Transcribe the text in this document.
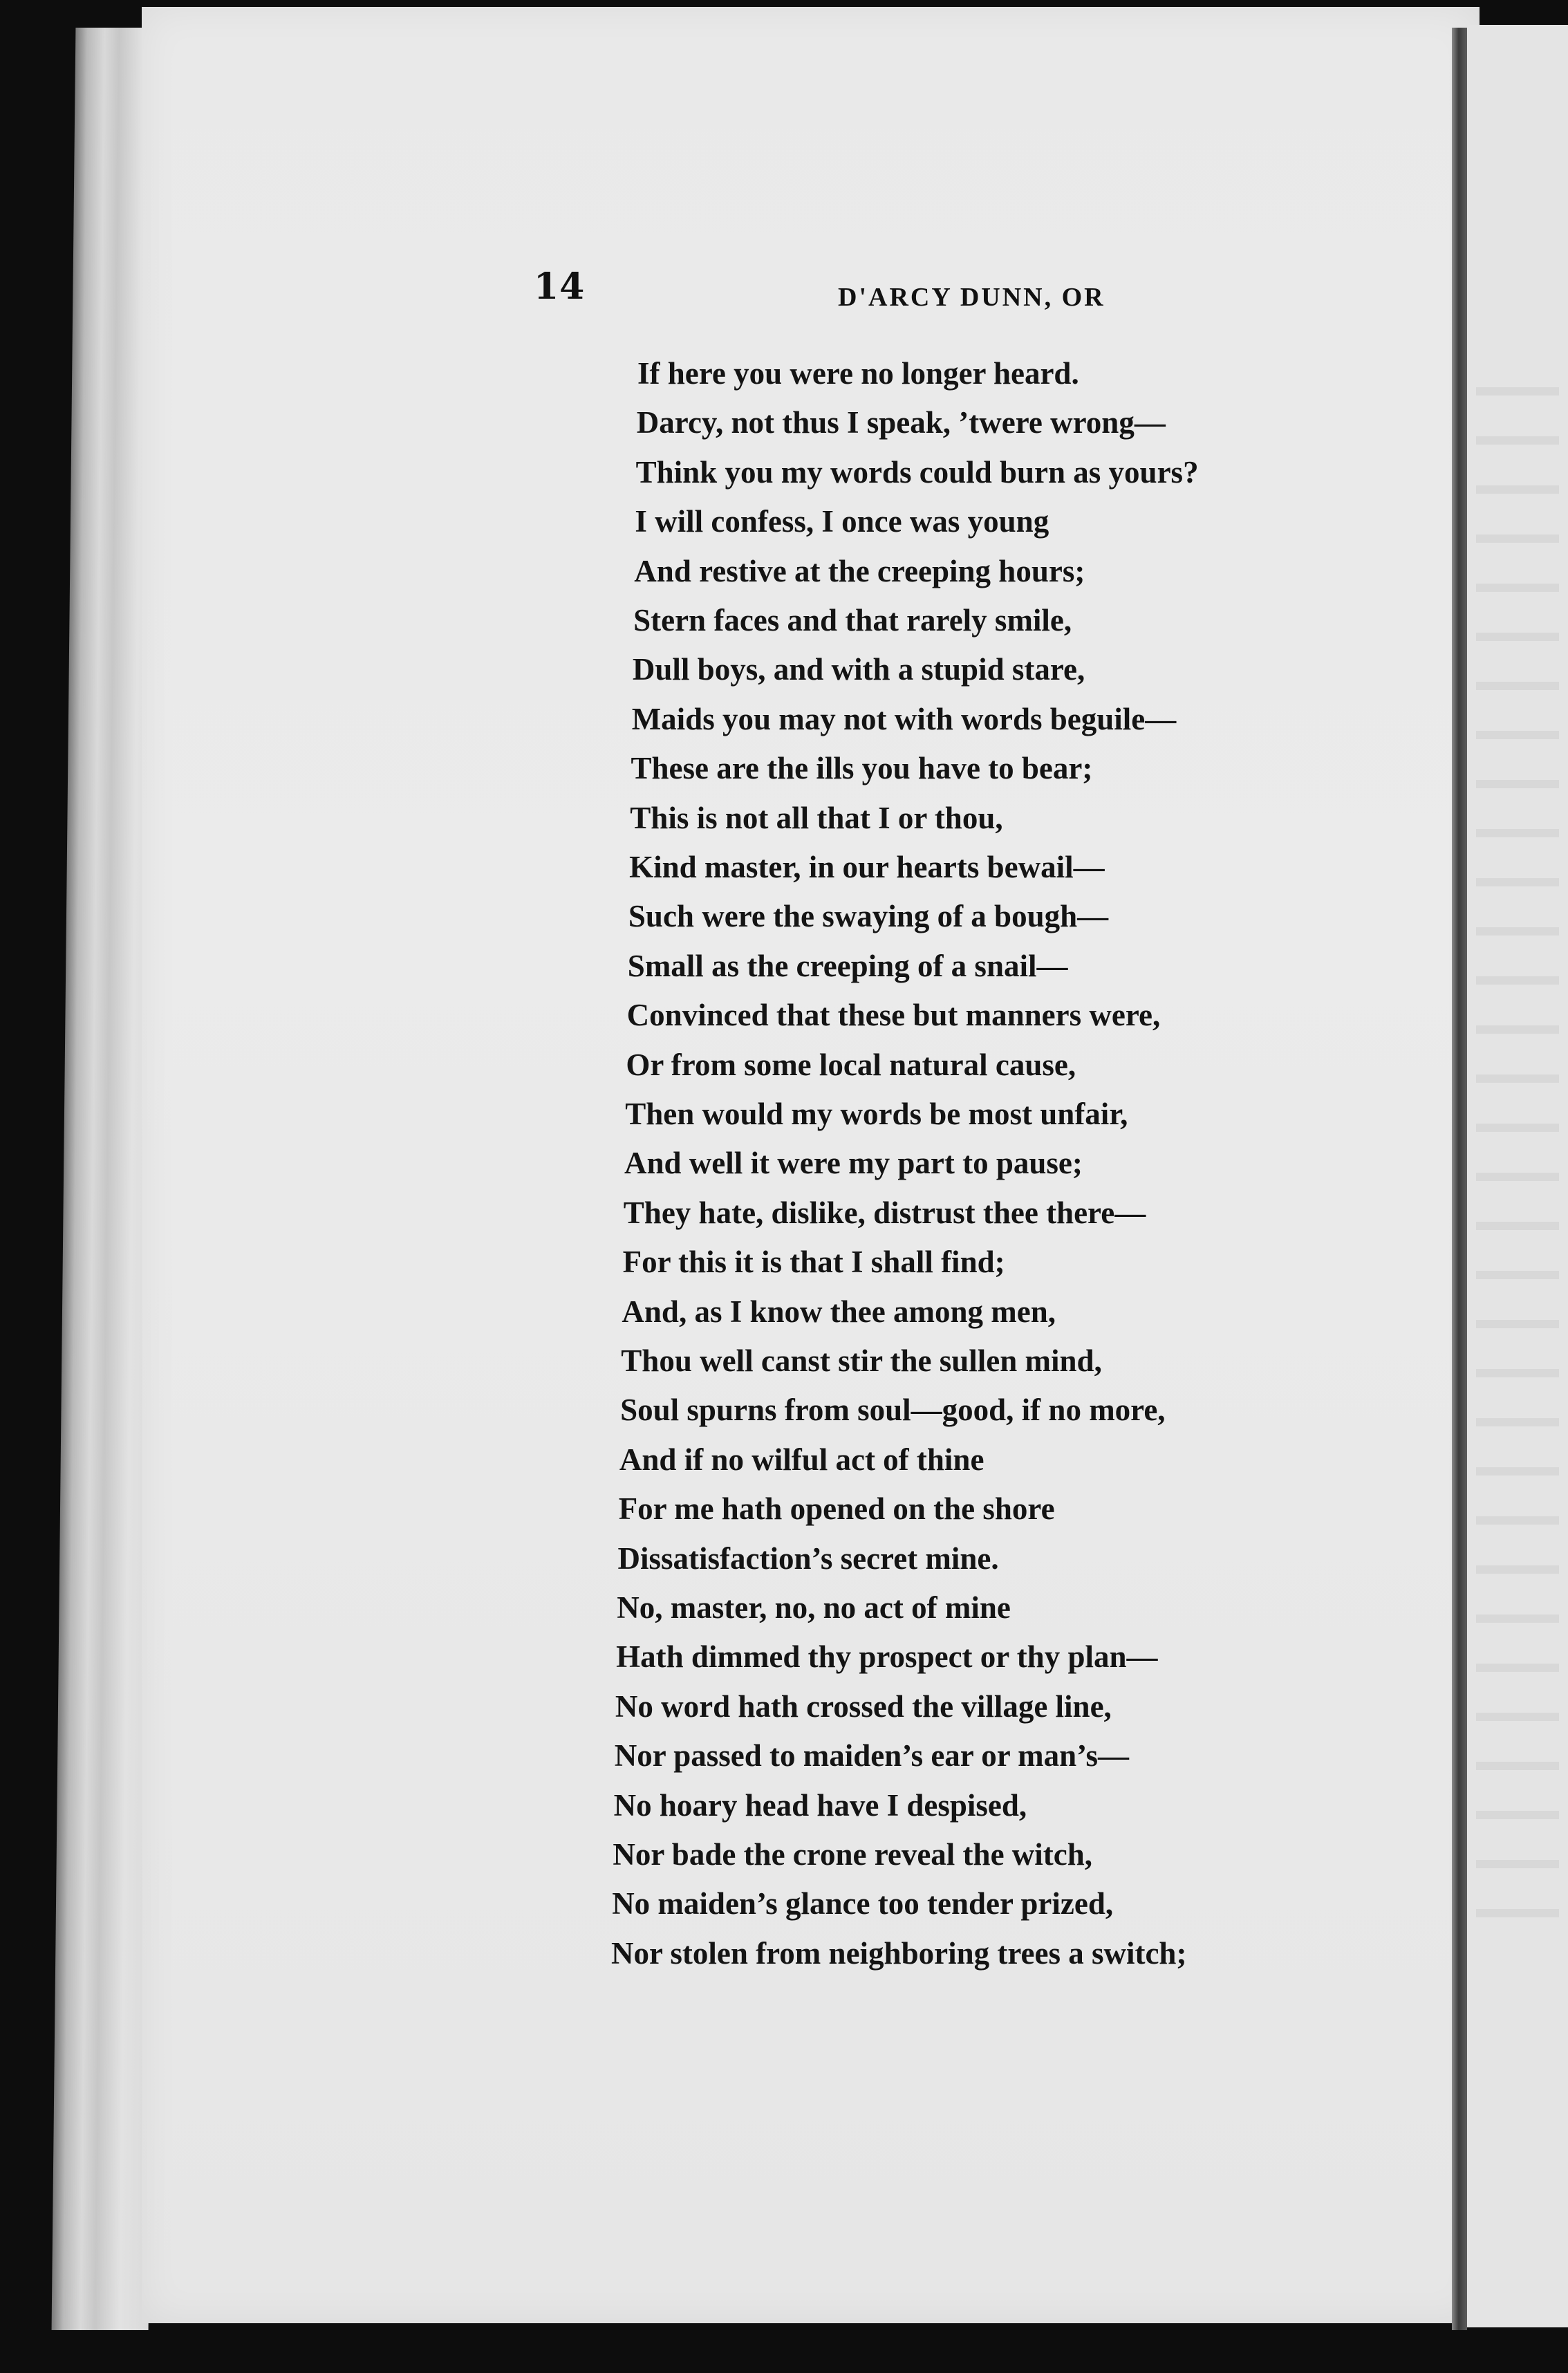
14	D'ARCY DUNN, OR
If here you were no longer heard.
Darcy, not thus I speak, ’twere wrong—
Think you my words could burn as yours?
I will confess, I once was young
And restive at the creeping hours;
Stern faces and that rarely smile,
Dull boys, and with a stupid stare,
Maids you may not with words beguile—
These are the ills you have to bear;
This is not all that I or thou,
Kind master, in our hearts bewail—
Such were the swaying of a bough—
Small as the creeping of a snail—
Convinced that these but manners were,
Or from some local natural cause,
Then would my words be most unfair,
And well it were my part to pause;
They hate, dislike, distrust thee there—
For this it is that I shall find;
And, as I know thee among men,
Thou well canst stir the sullen mind,
Soul spurns from soul—good, if no more,
And if no wilful act of thine
For me hath opened on the shore
Dissatisfaction’s secret mine.
No, master, no, no act of mine
Hath dimmed thy prospect or thy plan—
No word hath crossed the village line,
Nor passed to maiden’s ear or man’s—
No hoary head have I despised,
Nor bade the crone reveal the witch,
No maiden’s glance too tender prized,
Nor stolen from neighboring trees a switch;
